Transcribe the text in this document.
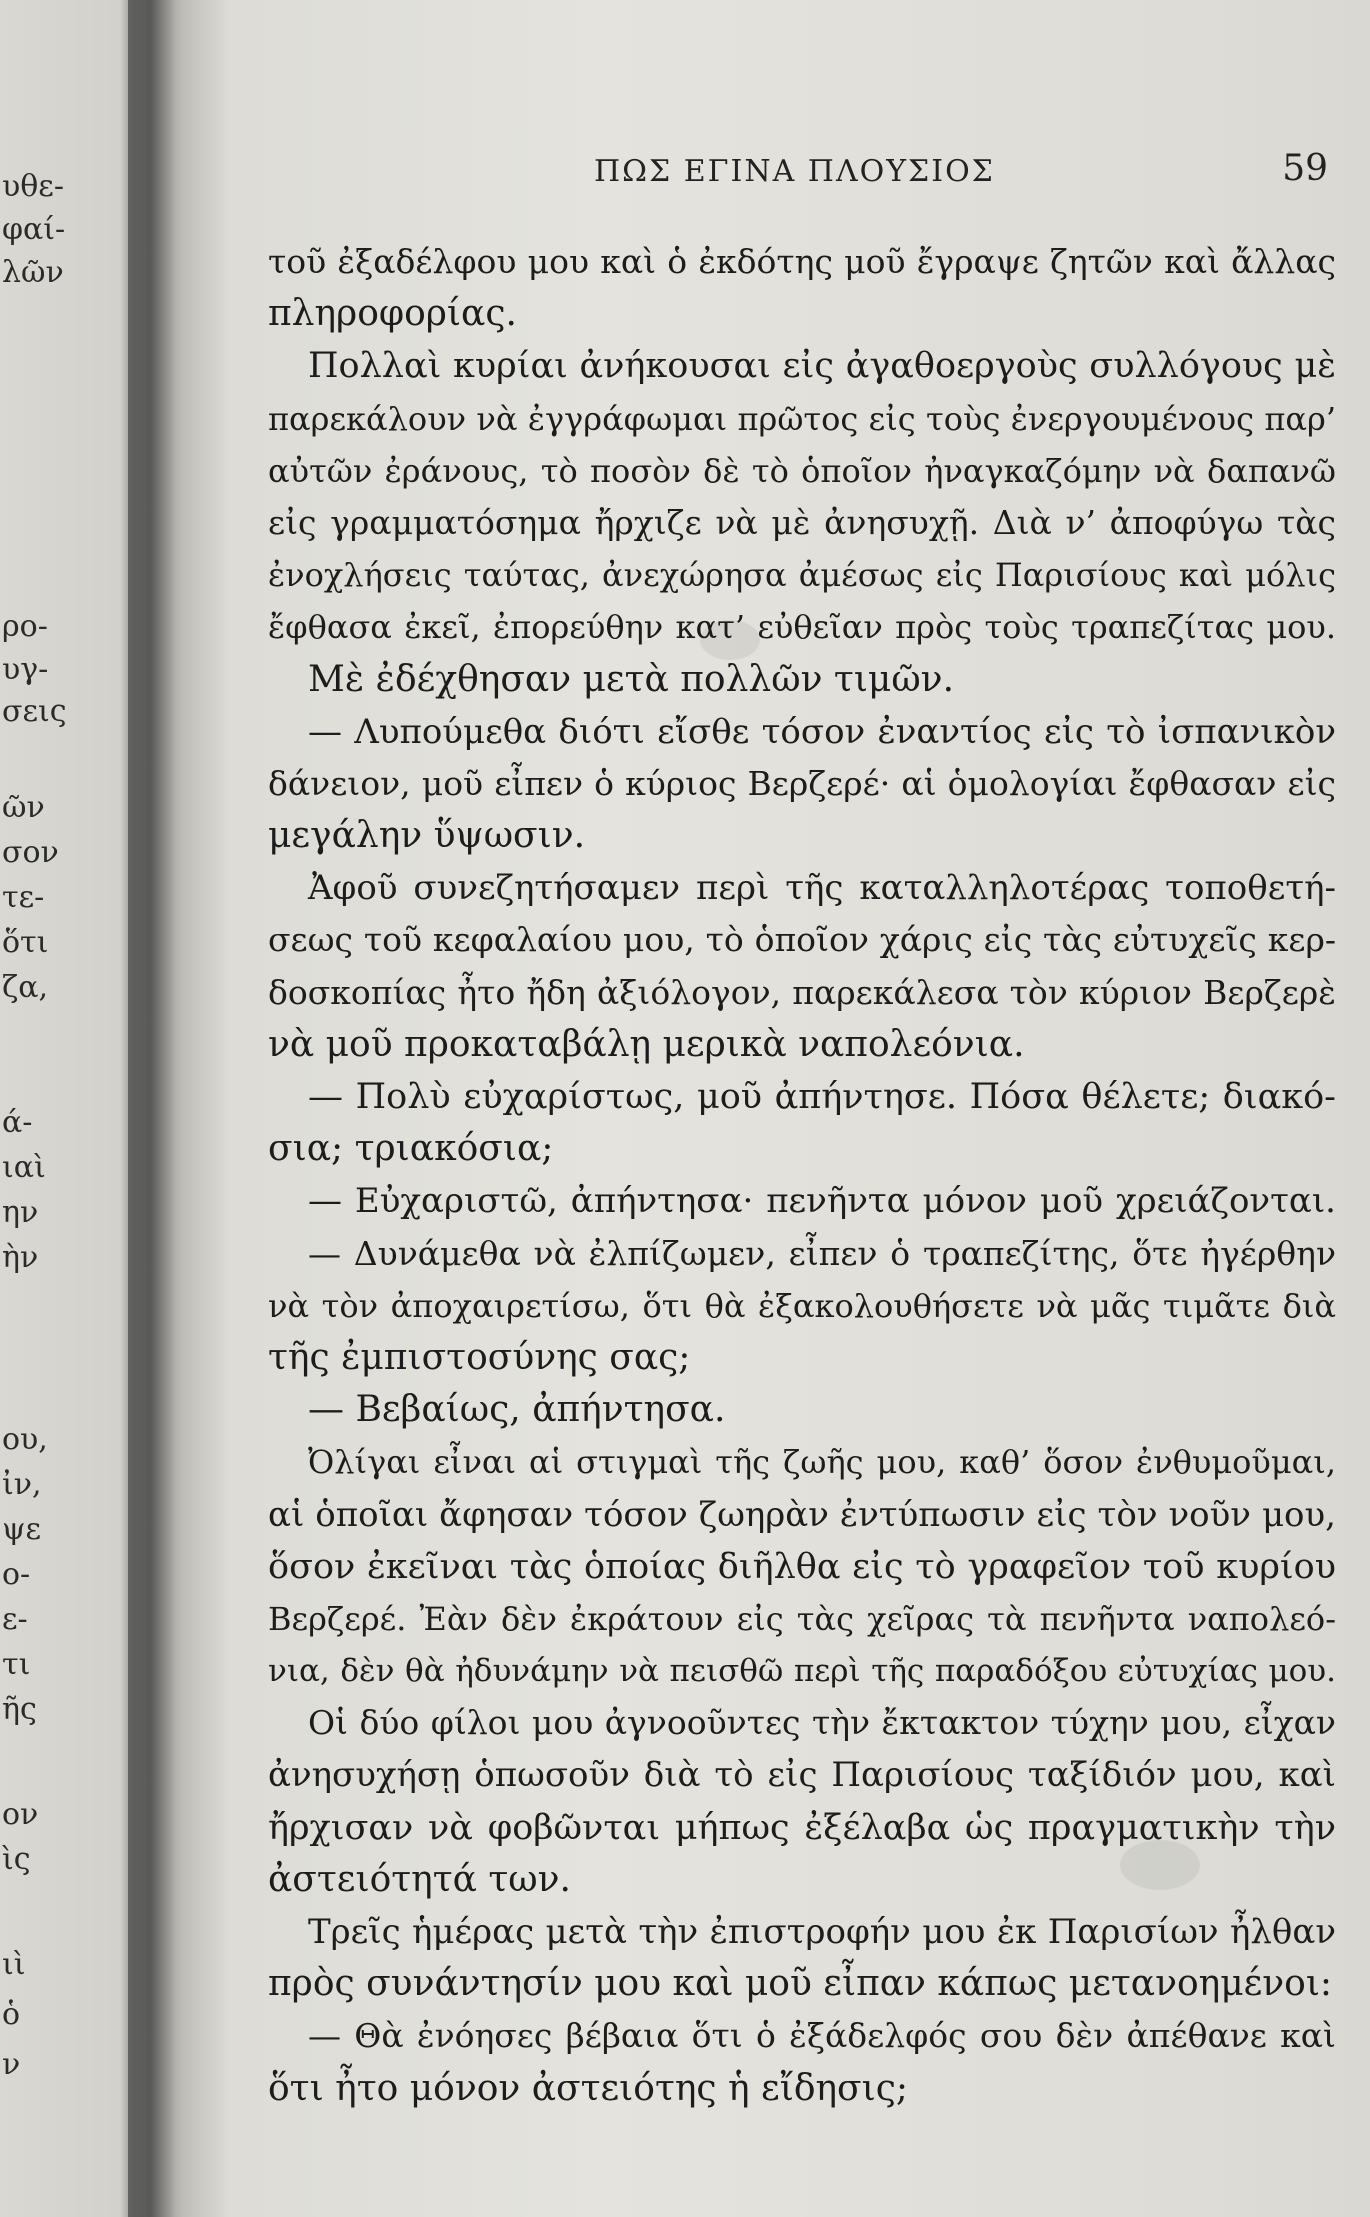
υθε-
φαί-
λῶν
ρο-
υγ-
σεις
ῶν
σον
τε-
ὅτι
ζα,
ά-
ιαὶ
ην
ὴν
ου,
ἰν,
ψε
ο-
ε-
τι
ῆς
ον
ὶς
ιὶ
ὁ
ν
ΠΩΣ ΕΓΙΝΑ ΠΛΟΥΣΙΟΣ	59
τοῦ ἐξαδέλφου μου καὶ ὁ ἐκδότης μοῦ ἔγραψε ζητῶν καὶ ἄλλας
πληροφορίας.
Πολλαὶ κυρίαι ἀνήκουσαι εἰς ἀγαθοεργοὺς συλλόγους μὲ
παρεκάλουν νὰ ἐγγράφωμαι πρῶτος εἰς τοὺς ἐνεργουμένους παρ’
αὐτῶν ἐράνους, τὸ ποσὸν δὲ τὸ ὁποῖον ἠναγκαζόμην νὰ δαπανῶ
εἰς γραμματόσημα ἤρχιζε νὰ μὲ ἀνησυχῇ. Διὰ ν’ ἀποφύγω τὰς
ἐνοχλήσεις ταύτας, ἀνεχώρησα ἀμέσως εἰς Παρισίους καὶ μόλις
ἔφθασα ἐκεῖ, ἐπορεύθην κατ’ εὐθεῖαν πρὸς τοὺς τραπεζίτας μου.
Μὲ ἐδέχθησαν μετὰ πολλῶν τιμῶν.
— Λυπούμεθα διότι εἴσθε τόσον ἐναντίος εἰς τὸ ἰσπανικὸν
δάνειον, μοῦ εἶπεν ὁ κύριος Βερζερέ· αἱ ὁμολογίαι ἔφθασαν εἰς
μεγάλην ὕψωσιν.
Ἀφοῦ συνεζητήσαμεν περὶ τῆς καταλληλοτέρας τοποθετή-
σεως τοῦ κεφαλαίου μου, τὸ ὁποῖον χάρις εἰς τὰς εὐτυχεῖς κερ-
δοσκοπίας ἦτο ἤδη ἀξιόλογον, παρεκάλεσα τὸν κύριον Βερζερὲ
νὰ μοῦ προκαταβάλῃ μερικὰ ναπολεόνια.
— Πολὺ εὐχαρίστως, μοῦ ἀπήντησε. Πόσα θέλετε; διακό-
σια; τριακόσια;
— Εὐχαριστῶ, ἀπήντησα· πενῆντα μόνον μοῦ χρειάζονται.
— Δυνάμεθα νὰ ἐλπίζωμεν, εἶπεν ὁ τραπεζίτης, ὅτε ἠγέρθην
νὰ τὸν ἀποχαιρετίσω, ὅτι θὰ ἐξακολουθήσετε νὰ μᾶς τιμᾶτε διὰ
τῆς ἐμπιστοσύνης σας;
— Βεβαίως, ἀπήντησα.
Ὀλίγαι εἶναι αἱ στιγμαὶ τῆς ζωῆς μου, καθ’ ὅσον ἐνθυμοῦμαι,
αἱ ὁποῖαι ἄφησαν τόσον ζωηρὰν ἐντύπωσιν εἰς τὸν νοῦν μου,
ὅσον ἐκεῖναι τὰς ὁποίας διῆλθα εἰς τὸ γραφεῖον τοῦ κυρίου
Βερζερέ. Ἐὰν δὲν ἐκράτουν εἰς τὰς χεῖρας τὰ πενῆντα ναπολεό-
νια, δὲν θὰ ἠδυνάμην νὰ πεισθῶ περὶ τῆς παραδόξου εὐτυχίας μου.
Οἱ δύο φίλοι μου ἀγνοοῦντες τὴν ἔκτακτον τύχην μου, εἶχαν
ἀνησυχήσῃ ὁπωσοῦν διὰ τὸ εἰς Παρισίους ταξίδιόν μου, καὶ
ἤρχισαν νὰ φοβῶνται μήπως ἐξέλαβα ὡς πραγματικὴν τὴν
ἀστειότητά των.
Τρεῖς ἡμέρας μετὰ τὴν ἐπιστροφήν μου ἐκ Παρισίων ἦλθαν
πρὸς συνάντησίν μου καὶ μοῦ εἶπαν κάπως μετανοημένοι:
— Θὰ ἐνόησες βέβαια ὅτι ὁ ἐξάδελφός σου δὲν ἀπέθανε καὶ
ὅτι ἦτο μόνον ἀστειότης ἡ εἴδησις;
